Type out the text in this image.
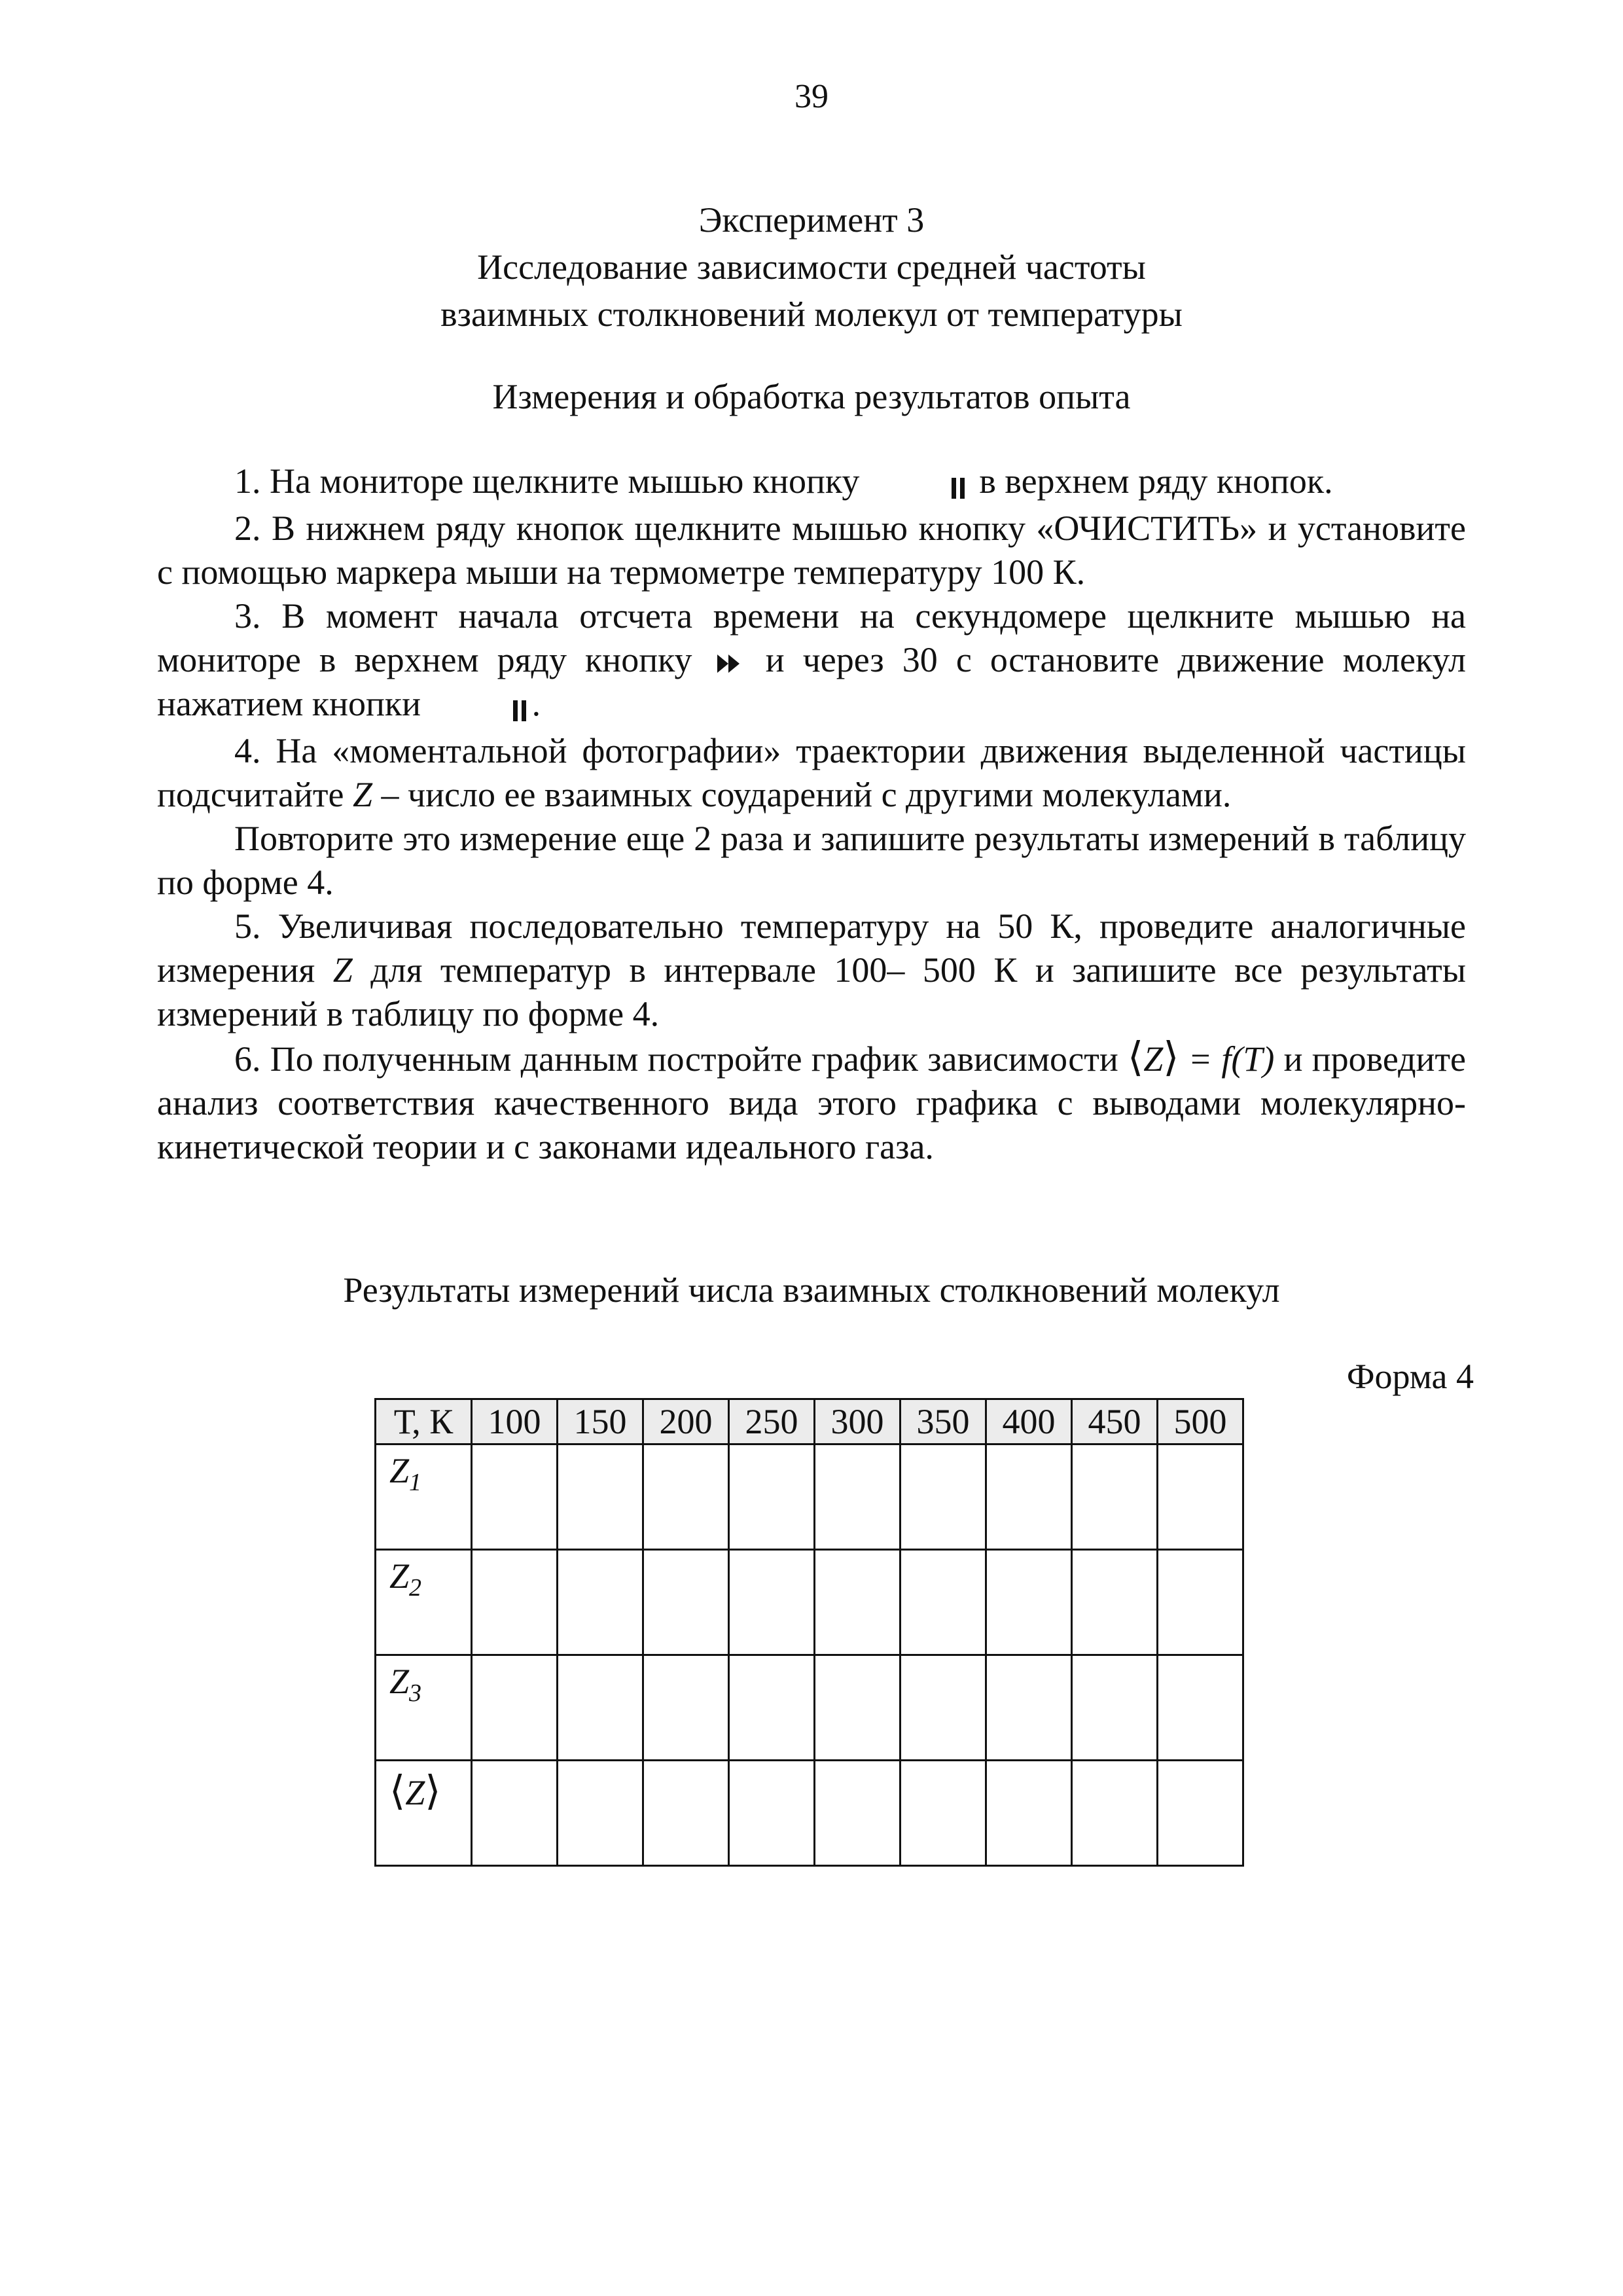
39
Эксперимент 3
Исследование зависимости средней частоты
взаимных столкновений молекул от температуры
Измерения и обработка результатов опыта

1. На мониторе щелкните мышью кнопку	в верхнем ряду кнопок.

2. В нижнем ряду кнопок щелкните мышью кнопку «ОЧИСТИТЬ» и установите с помощью маркера мыши на термометре температуру 100 К.

3. В момент начала отсчета времени на секундомере щелкните мышью на мониторе в верхнем ряду кнопку и через 30 с остановите движение молекул нажатием кнопки	.

4. На «моментальной фотографии» траектории движения выделенной частицы подсчитайте Z – число ее взаимных соударений с другими молекулами.

Повторите это измерение еще 2 раза и запишите результаты измерений в таблицу по форме 4.

5. Увеличивая последовательно температуру на 50 К, проведите аналогичные измерения Z для температур в интервале 100– 500 К и запишите все результаты измерений в таблицу по форме 4.

6. По полученным данным постройте график зависимости ⟨Z⟩ = f(T) и проведите анализ соответствия качественного вида этого графика с выводами молекулярно-кинетической теории и с законами идеального газа.

Результаты измерений числа взаимных столкновений молекул
Форма 4
Т, К	100	150	200	250	300	350	400	450	500
$Z_1$									
$Z_2$									
$Z_3$									
⟨Z⟩									
